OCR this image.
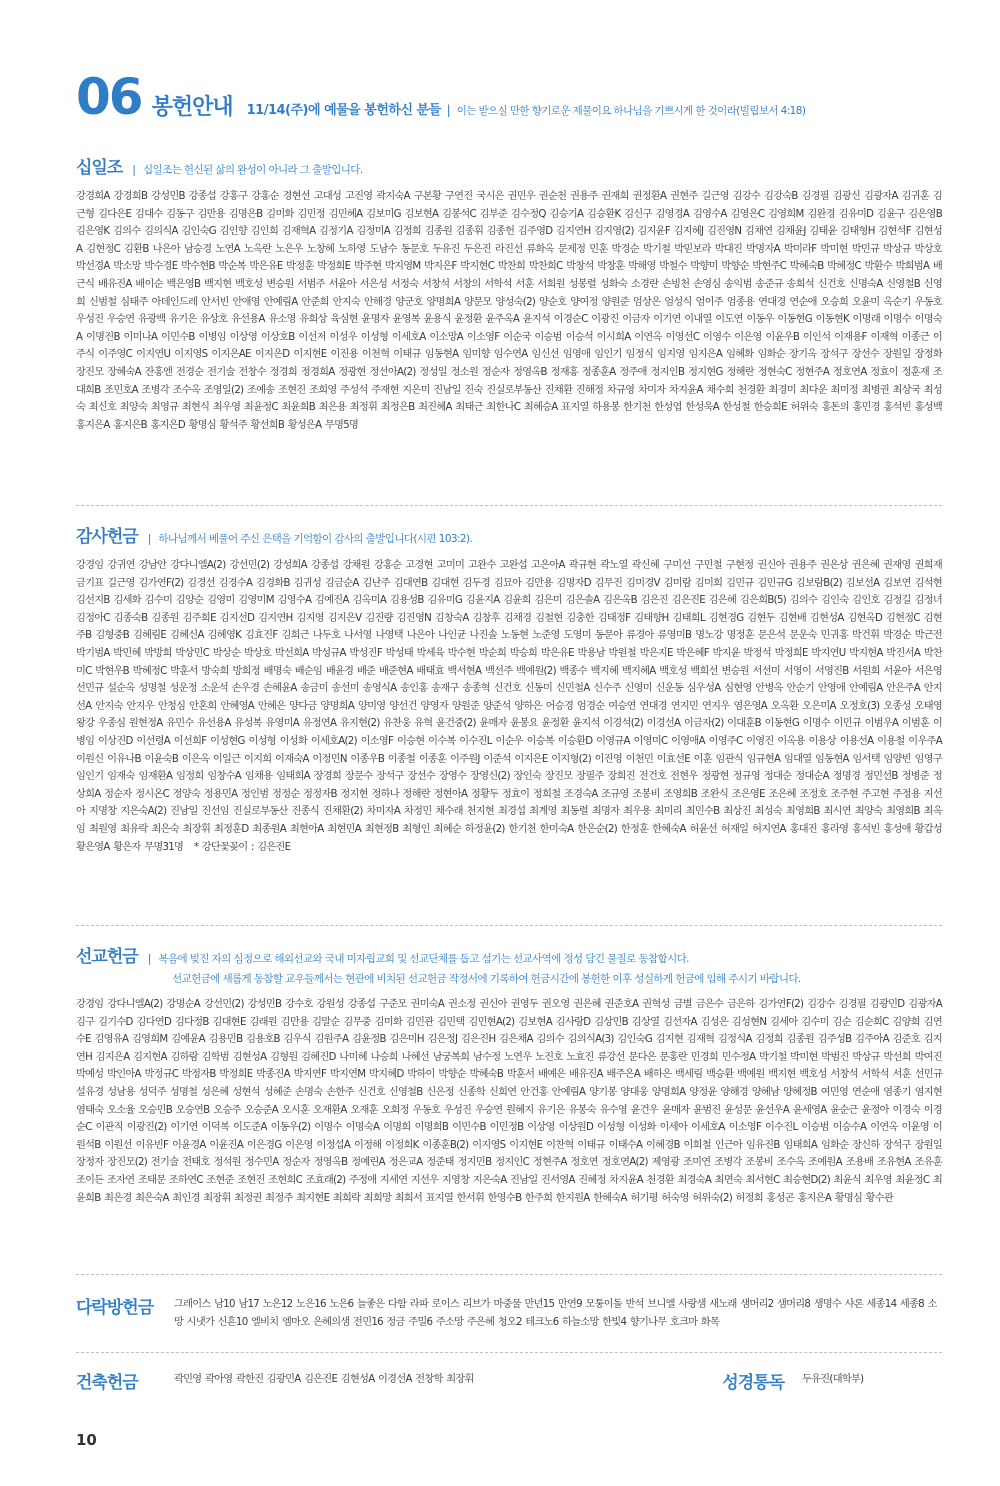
06 봉헌안내 11/14(주)에 예물을 봉헌하신 분들 | 이는 받으실 만한 향기로운 제물이요 하나님을 기쁘시게 한 것이라(빌립보서 4:18)
십일조 | 십일조는 헌신된 삶의 완성이 아니라 그 출발입니다.
강경희A 강경희B 강성민B 강종섭 강홍구 강홍순 경현선 고대성 고진영 곽지숙A 구본황 구연진 국시은 권민우 권순천 권용주 권재희 권정환A 권현주 길근영 김강수 김강숙B 김경필 김광신 김광자A 김귀훈 김근형 김다은E 김대수 김동구 김만용 김명은B 김미화 김민정 김민혜A 김보미G 김보현A 김봉석C 김부준 김수정Q 김승기A 김승환K 김신구 김영경A 김영수A 김영은C 김영희M 김완경 김유미D 김윤구 김은영B 김은영K 김의수 김의식A 김인숙G 김인향 김인희 김재혁A 김정기A 김정미A 김정희 김종원 김종휘 김종헌 김주영D 김지연H 김지영(2) 김지윤F 김지혜J 김진영N 김채연 김채윤J 김태윤 김태형H 김현석F 김현성A 김현정C 김환B 나은아 남승경 노연A 노옥란 노은우 노창혜 노하영 도남수 동문호 두유진 두은진 라진선 류화옥 문제정 민훈 박경순 박기철 박믿보라 박대진 박명자A 박미라F 박미현 박민규 박상규 박상호 박선경A 박소망 박수경E 박수현B 박순복 박은유E 박정훈 박정희E 박주현 박지영M 박지은F 박지현C 박찬희 박찬희C 박창석 박창훈 박해영 박철수 박향미 박향순 박현주C 박혜숙B 박혜정C 박환수 박희범A 배근식 배유진A 배이순 백은영B 백지현 백호성 변승원 서범주 서윤아 서은성 서정숙 서창석 서창의 서학석 서훈 서희원 성봉렬 성화숙 소경란 손빙천 손영심 송익범 송준규 송희석 신건호 신명숙A 신영철B 신영희 신범철 심태주 아데인드레 안서빈 안애영 안예림A 안준희 안지숙 안해경 양군호 양명희A 양문모 양성숙(2) 양순호 양여정 양원준 엄상은 엄성식 엄이주 엄종용 연대경 연순애 오승희 오윤미 옥순기 우동호 우성진 우승연 유광백 유기은 유상호 유선용A 유소영 유희상 육심현 윤명자 윤영복 윤용식 윤정환 윤주옥A 윤지석 이경순C 이광진 이금자 이기연 이내열 이도연 이동우 이동현G 이동현K 이명래 이명수 이명숙A 이명진B 이미나A 이민수B 이병임 이상영 이상호B 이선저 이성우 이성형 이세호A 이소망A 이소영F 이순국 이승범 이승석 이시희A 이연옥 이영선C 이영수 이은영 이윤우B 이인석 이재용F 이재혁 이종근 이주식 이주영C 이지연U 이지영S 이지은AE 이지은D 이지현E 이진용 이천혁 이태규 임동현A 임미향 임수연A 임신선 임영애 임인기 임정식 임지영 임지은A 임혜화 임화순 장기옥 장석구 장선수 장원일 장정화 장진모 장혜숙A 잔홍엔 전경순 전기술 전창수 정경희 정경희A 정광현 정선아A(2) 정성일 정소원 정순자 정영옥B 정재홍 정종훈A 정주애 정지인B 정지현G 정해란 정현숙C 정현주A 정호연A 정효이 정훈재 조대희B 조민호A 조병각 조수옥 조영일(2) 조예송 조현진 조희영 주성석 주재현 지은미 진남일 진숙 진실로부동산 진채환 진해정 차규영 차미자 차지윤A 채수희 천경환 최경미 최다운 최미정 최병권 최상국 최성숙 최신호 최양숙 최영규 최현식 최우영 최윤정C 최윤희B 최은용 최정휘 최정은B 최진혜A 최태근 최한나C 최혜승A 표지열 하용봉 한기천 한성엽 한성욱A 한성철 한승희E 허위숙 홍돈의 홍민경 홍석빈 홍성백 홍지은A 홍지은B 홍지은D 황명심 황석주 황선희B 황성은A 무명5명
감사헌금 | 하나님께서 베풀어 주신 은택을 기억함이 감사의 출발입니다(시편 103:2).
강경임 강귀연 강남안 강다니엘A(2) 강선민(2) 강성희A 강종섭 강채원 강홍순 고경현 고미미 고완수 고완섭 고은아A 곽규현 곽노열 곽신혜 구미선 구민철 구현정 권신아 권용주 권은상 권은혜 권재영 권희재 금기표 길근영 김가연F(2) 김경선 김경수A 김경화B 김귀성 김금순A 김난주 김대연B 김대현 김두경 김묘아 김만용 김명자D 김무진 김미경V 김미람 김미희 김민규 김민규G 김보람B(2) 김보선A 김보연 김석현 김선지B 김세화 김수미 김양순 김영미 김영미M 김영수A 김예진A 김옥미A 김용성B 김유미G 김윤지A 김윤희 김은미 김은솔A 김은옥B 김은진 김은진E 김은혜 김은희B(5) 김의수 김인숙 김인호 김정길 김정녀 김정아C 김종숙B 김종원 김주희E 김지선D 김지연H 김지영 김지은V 김진량 김진영N 김창숙A 김창후 김채경 김철현 김충한 김태정F 김태향H 김태희L 김현경G 김현두 김현배 김현성A 김현옥D 김현정C 김현주B 김형중B 김혜림E 김혜신A 김혜영K 김효진F 김희근 나두호 나서영 나영택 나은아 나인균 나진솔 노동현 노준영 도영미 동문아 류경아 류영미B 명노강 명정훈 문은석 문운숙 민귀홍 박건휘 박경순 박근전 박기범A 박민혜 박방희 박상민C 박상순 박상호 박선희A 박성규A 박성진F 박성태 박세육 박수현 박순희 박승희 박은유E 박용남 박원철 박은지E 박은혜F 박지윤 박정석 박정희E 박지연U 박지현A 박진서A 박찬미C 박현우B 박혜정C 박훈서 방숙희 방희정 배명숙 배순임 배윤경 배준 배준현A 배태효 백서현A 백선주 백예원(2) 백종수 백지혜 백지혜A 백호성 백희선 변승원 서선미 서영이 서영진B 서원희 서윤아 서은영 선민규 설순옥 성명철 성운정 소운석 손우경 손혜윤A 송금미 송선미 송영식A 송인홍 송재구 송종혁 신건호 신동미 신민철A 신수주 신영미 신운동 심우성A 심현영 안병옥 안순기 안영애 안예림A 안은주A 안지선A 안지숙 안지우 안청심 안혼희 안혜영A 안혜은 양다금 양명희A 양미영 양선건 양영자 양원준 양준석 양하은 어승경 엄경순 여승연 연대경 연지민 연지우 염은영A 오옥환 오은미A 오정호(3) 오종성 오태영 왕강 우종심 원현정A 유민수 유선용A 유성복 유영미A 유정연A 유지현(2) 유찬웅 유혁 윤건중(2) 윤매자 윤봉요 윤정환 윤지석 이경석(2) 이경선A 이금자(2) 이대훈B 이동현G 이명수 이민규 이범우A 이범훈 이병임 이상진D 이선령A 이선희F 이성현G 이성형 이성화 이세호A(2) 이소영F 이승현 이수복 이수진L 이순우 이승복 이승환D 이영규A 이영미C 이영애A 이영주C 이영진 이옥용 이용상 이용선A 이용철 이우주A 이원신 이유나B 이윤숙B 이은옥 이일근 이지희 이재숙A 이정민N 이종우B 이종철 이종훈 이주원J 이준석 이지은E 이지형(2) 이진영 이천민 이효선E 이훈 임관식 임규현A 임대열 임동현A 임서택 임양빈 임영구 임인기 임재숙 임재환A 임정희 임창수A 임채용 임태희A 장경희 장문수 장석구 장선수 장영수 장영신(2) 장인숙 장진모 장필주 장희진 전건호 전현우 정광현 정규영 정대순 정대순A 정명경 정민선B 정병준 정상희A 정순자 정시온C 정양숙 정용민A 정인범 정정순 정정자B 정지현 정하나 정해란 정현아A 정황두 정효이 정희철 조경숙A 조규영 조봉비 조영희B 조완식 조은영E 조은혜 조정호 조주현 주고현 주정용 지선아 지명창 지은숙A(2) 진남일 진선임 진실로부동산 진종식 진채환(2) 차미자A 차정민 채수래 천지현 최경섭 최계영 최동렬 최명자 최우용 최미리 최민수B 최상진 최성숙 최영희B 최시연 최양숙 최영희B 최옥임 최원영 최유락 최은숙 최장휘 최정훈D 최종원A 최현아A 최현민A 최현정B 최형인 최혜순 하정윤(2) 한기천 한미숙A 한은순(2) 한정훈 한혜숙A 허윤선 허재일 허지연A 홍대진 홍라영 홍석빈 홍성애 황갑성 황은영A 황은자 무명31명 * 강단꽃꽂이 : 김은진E
선교헌금 | 복음에 빚진 자의 심정으로 해외선교와 국내 미자립교회 및 선교단체를 돕고 섬기는 선교사역에 정성 담긴 물질로 동참합시다.
선교헌금에 새롭게 동참할 교우들께서는 현관에 비치된 선교헌금 작정서에 기록하여 헌금시간에 봉헌한 이후 성실하게 헌금에 임해 주시기 바랍니다.
강경임 강다니엘A(2) 강명순A 강선민(2) 강성민B 강수호 강원성 강종섭 구준모 권미숙A 권소정 권신아 권영두 권오영 권은혜 권준호A 권혁성 금별 금은수 금은하 김가연F(2) 김강수 김경필 김광민D 김광자A 김구 김기수D 김다연D 김다정B 김대현E 김래원 김만용 김말순 김무중 김미화 김민관 김민택 김민현A(2) 김보현A 김사랑D 김상민B 김상열 김선자A 김성은 김성현N 김세아 김수미 김순 김순희C 김양희 김연수E 김영유A 김영희M 김예윤A 김용민B 김용호B 김우식 김원주A 김윤정B 김은미H 김은정J 김은진H 김은채A 김의수 김의식A(3) 김인숙G 김지현 김재혁 김정식A 김정희 김종원 김주성B 김주아A 김준호 김지연H 김지은A 김지현A 김하람 김학범 김현성A 김형원 김혜진D 나미혜 나승희 나혜선 남궁복희 남수정 노연우 노진호 노효진 류강선 문다은 문홍란 민경희 민수정A 박기철 박미현 박범진 박상규 박선희 박여진 박예성 박인아A 박정규C 박정자B 박정희E 박종진A 박지연F 박지연M 박지혜D 박하이 박향순 박혜숙B 박훈서 배예은 배유진A 배주은A 배하은 백세림 백승환 백예원 백지현 백호성 서창석 서학석 서훈 선민규 설유경 성남용 성덕주 성명철 성은혜 성현석 성혜준 손명숙 손한주 신건호 신영철B 신은정 신종학 신희연 안건홍 안예림A 양기봉 양대웅 양명희A 양정윤 양해경 양혜남 양혜정B 여민영 연순애 염종기 염지현 염태숙 오소율 오승민B 오승연B 오승주 오승준A 오시훈 오재환A 오재훈 오희정 우동호 우성진 우승연 원혜지 유기은 유봉숙 유수영 윤건우 윤매자 윤범진 윤성문 윤선우A 윤세영A 윤순근 윤정아 이경숙 이경순C 이관직 이광진(2) 이기연 이덕복 이도준A 이동우(2) 이명수 이명숙A 이명희 이명희B 이민수B 이민정B 이상영 이상원D 이성형 이성화 이세아 이세호A 이소영F 이수진L 이승범 이승수A 이연옥 이윤영 이원석B 이원선 이유빈F 이윤경A 이윤진A 이은경G 이은영 이정섭A 이정해 이정희K 이종훈B(2) 이지영S 이지현E 이찬혁 이태규 이태수A 이혜경B 이희철 인근아 임유진B 임태희A 임화순 장신하 장석구 장원일 장정자 장진모(2) 전기술 전태호 정석원 정수민A 정순자 정영옥B 정예린A 정은교A 정준태 정지민B 정지인C 정현주A 정호연 정호연A(2) 제영광 조미연 조병각 조봉비 조수옥 조예원A 조용배 조유현A 조유훈 조이든 조자연 조태문 조하연C 조현준 조현진 조현희C 조효래(2) 주정애 지세연 지선우 지영창 지은숙A 진남일 진서영A 진혜정 차지윤A 천경환 최경숙A 최면숙 최서현C 최승현D(2) 최윤식 최우영 최윤정C 최윤희B 최은경 최은숙A 최인경 최장휘 최정권 최정주 최지현E 최희락 최희망 최희서 표지열 한서휘 한영수B 한주희 한지원A 한혜숙A 허기평 허숙영 허위숙(2) 허정희 홍성곤 홍지은A 황명심 황수관
다락방헌금	그레이스 남10 남17 노은12 노은16 노은6 늘좋은 다함 라파 로이스 리브가 마중물 만년15 만연9 모퉁이돌 반석 브니엘 사랑샘 새노래 샘머리2 샘머리8 생명수 샤론 세종14 세종8 소망 시냇가 신흔10 엘비치 엠마오 은혜의샘 전민16 정금 주밀6 주소망 주은혜 청오2 테크노6 하늘소망 한빛4 향기나무 호크마 화목
건축헌금	곽민영 곽아영 곽한진 김광민A 김은진E 김현성A 이경선A 전창학 최장휘	성경통독 두유진(대학부)
10
